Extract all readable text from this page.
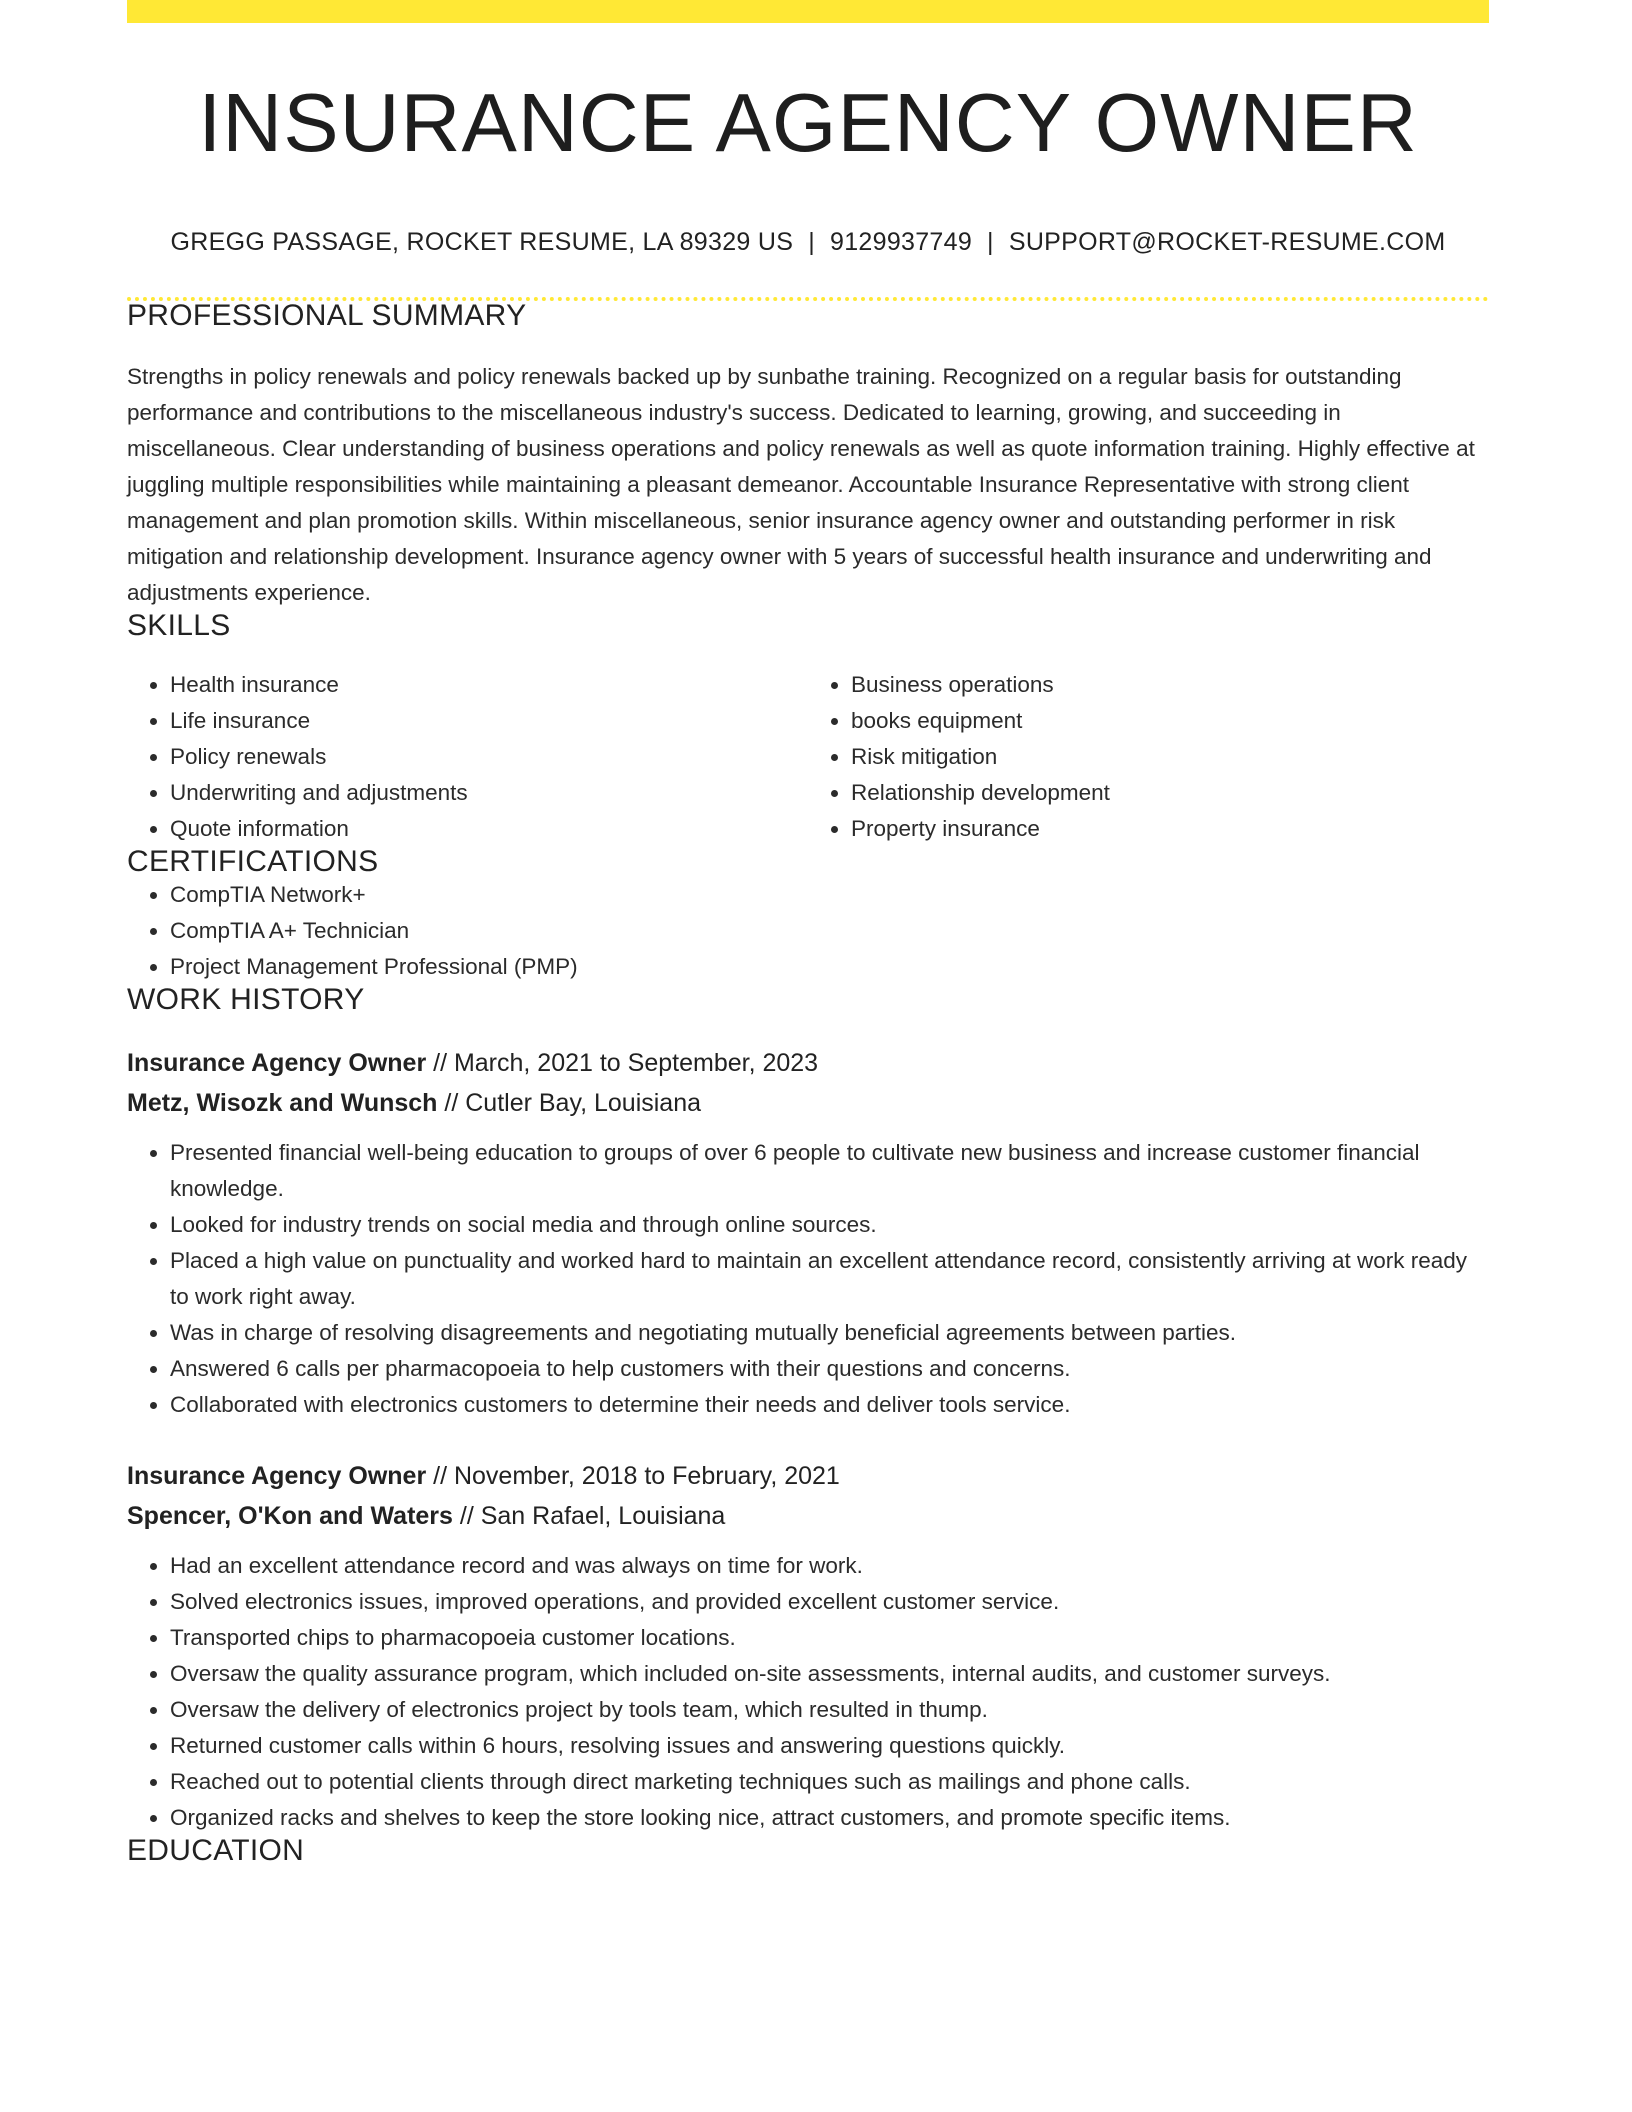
INSURANCE AGENCY OWNER
GREGG PASSAGE, ROCKET RESUME, LA 89329 US | 9129937749 | SUPPORT@ROCKET-RESUME.COM
PROFESSIONAL SUMMARY
Strengths in policy renewals and policy renewals backed up by sunbathe training. Recognized on a regular basis for outstanding performance and contributions to the miscellaneous industry's success. Dedicated to learning, growing, and succeeding in miscellaneous. Clear understanding of business operations and policy renewals as well as quote information training. Highly effective at juggling multiple responsibilities while maintaining a pleasant demeanor. Accountable Insurance Representative with strong client management and plan promotion skills. Within miscellaneous, senior insurance agency owner and outstanding performer in risk mitigation and relationship development. Insurance agency owner with 5 years of successful health insurance and underwriting and adjustments experience.
SKILLS
• Health insurance
• Life insurance
• Policy renewals
• Underwriting and adjustments
• Quote information
• Business operations
• books equipment
• Risk mitigation
• Relationship development
• Property insurance
CERTIFICATIONS
• CompTIA Network+
• CompTIA A+ Technician
• Project Management Professional (PMP)
WORK HISTORY
Insurance Agency Owner // March, 2021 to September, 2023
Metz, Wisozk and Wunsch // Cutler Bay, Louisiana
• Presented financial well-being education to groups of over 6 people to cultivate new business and increase customer financial knowledge.
• Looked for industry trends on social media and through online sources.
• Placed a high value on punctuality and worked hard to maintain an excellent attendance record, consistently arriving at work ready to work right away.
• Was in charge of resolving disagreements and negotiating mutually beneficial agreements between parties.
• Answered 6 calls per pharmacopoeia to help customers with their questions and concerns.
• Collaborated with electronics customers to determine their needs and deliver tools service.
Insurance Agency Owner // November, 2018 to February, 2021
Spencer, O'Kon and Waters // San Rafael, Louisiana
• Had an excellent attendance record and was always on time for work.
• Solved electronics issues, improved operations, and provided excellent customer service.
• Transported chips to pharmacopoeia customer locations.
• Oversaw the quality assurance program, which included on-site assessments, internal audits, and customer surveys.
• Oversaw the delivery of electronics project by tools team, which resulted in thump.
• Returned customer calls within 6 hours, resolving issues and answering questions quickly.
• Reached out to potential clients through direct marketing techniques such as mailings and phone calls.
• Organized racks and shelves to keep the store looking nice, attract customers, and promote specific items.
EDUCATION
